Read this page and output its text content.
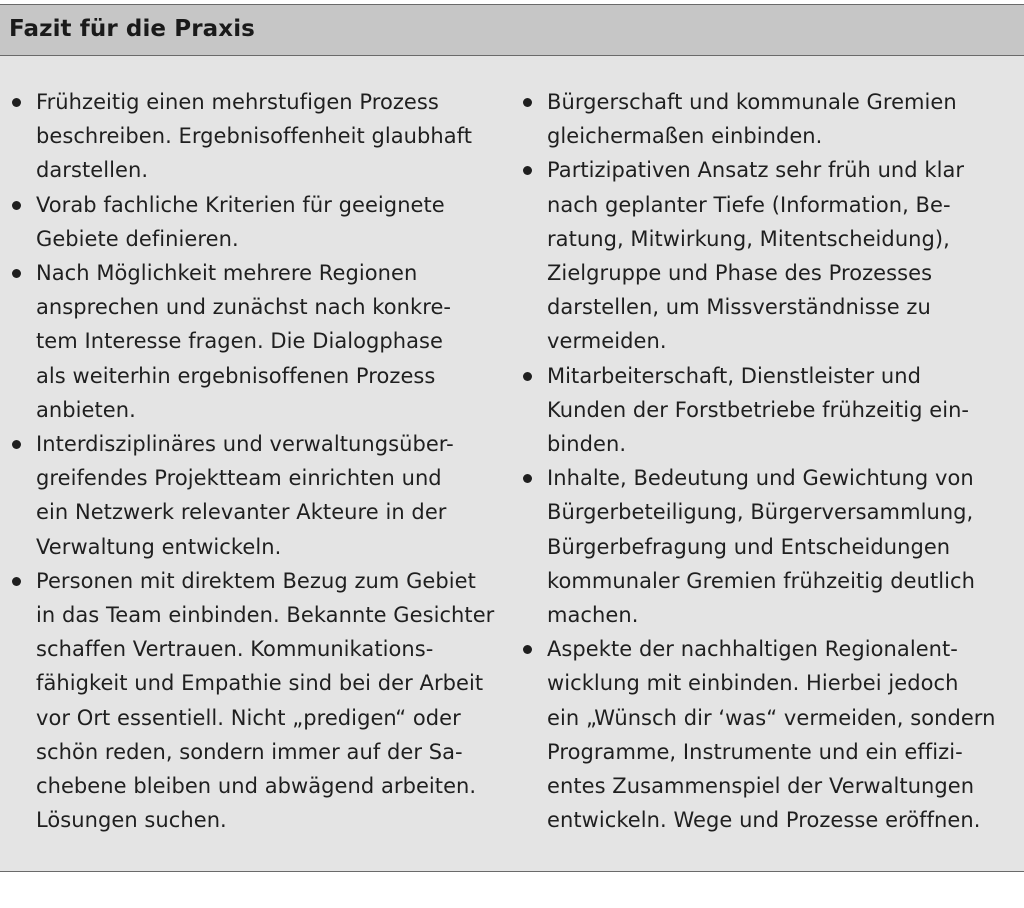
Fazit für die Praxis
Frühzeitig einen mehrstufigen Prozess
beschreiben. Ergebnisoffenheit glaubhaft
darstellen.
Vorab fachliche Kriterien für geeignete
Gebiete definieren.
Nach Möglichkeit mehrere Regionen
ansprechen und zunächst nach konkre-
tem Interesse fragen. Die Dialogphase
als weiterhin ergebnisoffenen Prozess
anbieten.
Interdisziplinäres und verwaltungsüber-
greifendes Projektteam einrichten und
ein Netzwerk relevanter Akteure in der
Verwaltung entwickeln.
Personen mit direktem Bezug zum Gebiet
in das Team einbinden. Bekannte Gesichter
schaffen Vertrauen. Kommunikations-
fähigkeit und Empathie sind bei der Arbeit
vor Ort essentiell. Nicht „predigen“ oder
schön reden, sondern immer auf der Sa-
chebene bleiben und abwägend arbeiten.
Lösungen suchen.
Bürgerschaft und kommunale Gremien
gleichermaßen einbinden.
Partizipativen Ansatz sehr früh und klar
nach geplanter Tiefe (Information, Be-
ratung, Mitwirkung, Mitentscheidung),
Zielgruppe und Phase des Prozesses
darstellen, um Missverständnisse zu
vermeiden.
Mitarbeiterschaft, Dienstleister und
Kunden der Forstbetriebe frühzeitig ein-
binden.
Inhalte, Bedeutung und Gewichtung von
Bürgerbeteiligung, Bürgerversammlung,
Bürgerbefragung und Entscheidungen
kommunaler Gremien frühzeitig deutlich
machen.
Aspekte der nachhaltigen Regionalent-
wicklung mit einbinden. Hierbei jedoch
ein „Wünsch dir ‘was“ vermeiden, sondern
Programme, Instrumente und ein effizi-
entes Zusammenspiel der Verwaltungen
entwickeln. Wege und Prozesse eröffnen.
